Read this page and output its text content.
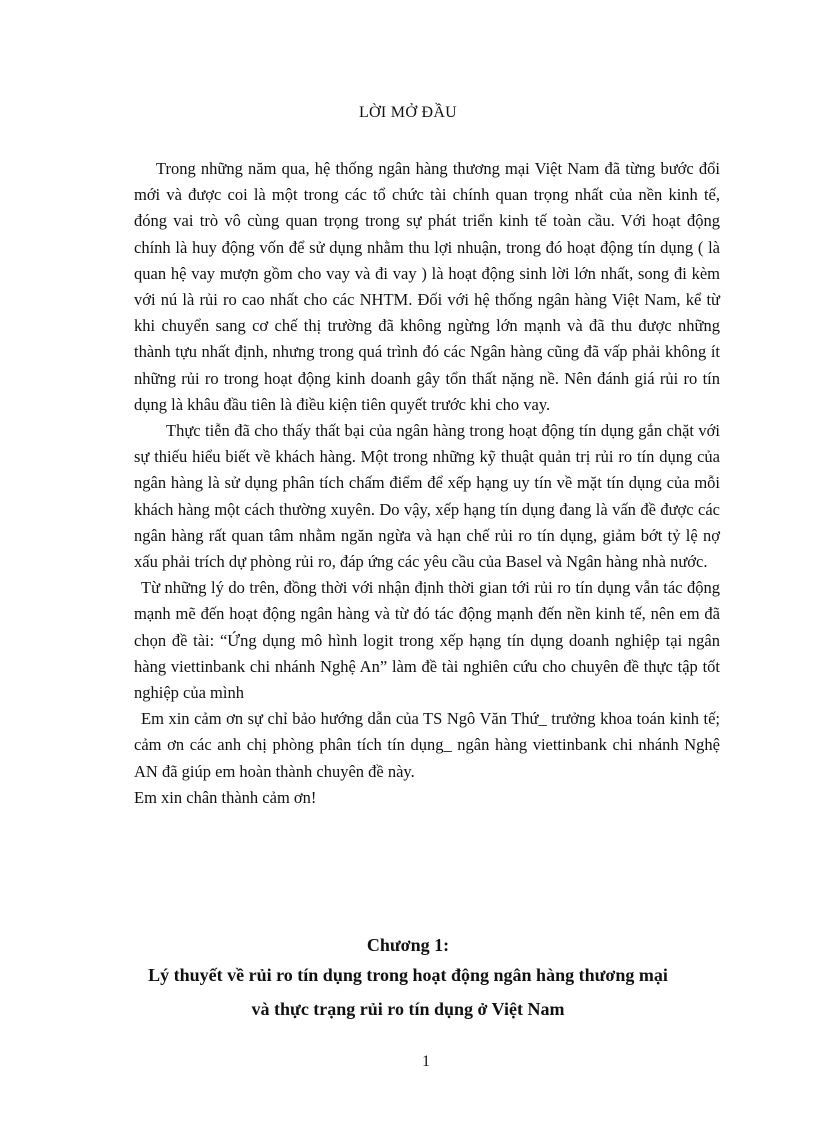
LỜI MỞ ĐẦU

Trong những năm qua, hệ thống ngân hàng thương mại Việt Nam đã từng bước đổi mới và được coi là một trong các tổ chức tài chính quan trọng nhất của nền kinh tế, đóng vai trò vô cùng quan trọng trong sự phát triển kinh tế toàn cầu. Với hoạt động chính là huy động vốn để sử dụng nhằm thu lợi nhuận, trong đó hoạt động tín dụng ( là quan hệ vay mượn gồm cho vay và đi vay ) là hoạt động sinh lời lớn nhất, song đi kèm với nú là rủi ro cao nhất cho các NHTM. Đối với hệ thống ngân hàng Việt Nam, kể từ khi chuyển sang cơ chế thị trường đã không ngừng lớn mạnh và đã thu được những thành tựu nhất định, nhưng trong quá trình đó các Ngân hàng cũng đã vấp phải không ít những rủi ro trong hoạt động kinh doanh gây tổn thất nặng nề. Nên đánh giá rủi ro tín dụng là khâu đầu tiên là điều kiện tiên quyết trước khi cho vay.

Thực tiễn đã cho thấy thất bại của ngân hàng trong hoạt động tín dụng gắn chặt với sự thiếu hiểu biết về khách hàng. Một trong những kỹ thuật quản trị rủi ro tín dụng của ngân hàng là sử dụng phân tích chấm điểm để xếp hạng uy tín về mặt tín dụng của mỗi khách hàng một cách thường xuyên. Do vậy, xếp hạng tín dụng đang là vấn đề được các ngân hàng rất quan tâm nhằm ngăn ngừa và hạn chế rủi ro tín dụng, giảm bớt tỷ lệ nợ xấu phải trích dự phòng rủi ro, đáp ứng các yêu cầu của Basel và Ngân hàng nhà nước.

Từ những lý do trên, đồng thời với nhận định thời gian tới rủi ro tín dụng vẫn tác động mạnh mẽ đến hoạt động ngân hàng và từ đó tác động mạnh đến nền kinh tế, nên em đã chọn đề tài: “Ứng dụng mô hình logit trong xếp hạng tín dụng doanh nghiệp tại ngân hàng viettinbank chi nhánh Nghệ An” làm đề tài nghiên cứu cho chuyên đề thực tập tốt nghiệp của mình

Em xin cảm ơn sự chỉ bảo hướng dẫn của TS Ngô Văn Thứ_ trưởng khoa toán kinh tế; cảm ơn các anh chị phòng phân tích tín dụng_ ngân hàng viettinbank chi nhánh Nghệ AN đã giúp em hoàn thành chuyên đề này.

Em xin chân thành cảm ơn!

Chương 1:
Lý thuyết về rủi ro tín dụng trong hoạt động ngân hàng thương mại
và thực trạng rủi ro tín dụng ở Việt Nam
1
